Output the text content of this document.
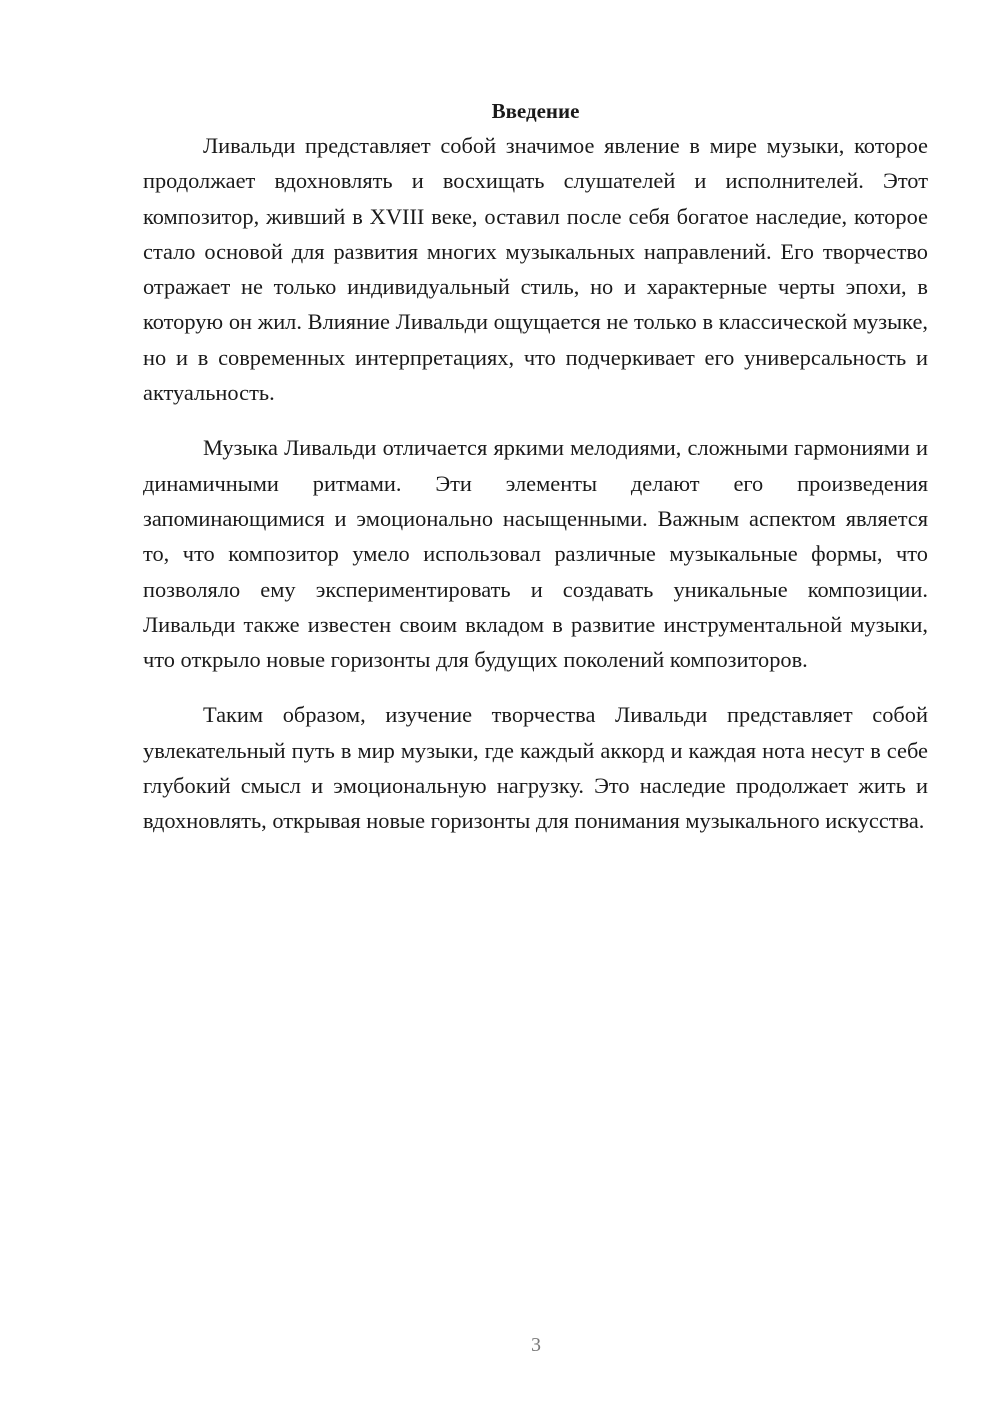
Введение

Ливальди представляет собой значимое явление в мире музыки, которое продолжает вдохновлять и восхищать слушателей и исполнителей. Этот композитор, живший в XVIII веке, оставил после себя богатое наследие, которое стало основой для развития многих музыкальных направлений. Его творчество отражает не только индивидуальный стиль, но и характерные черты эпохи, в которую он жил. Влияние Ливальди ощущается не только в классической музыке, но и в современных интерпретациях, что подчеркивает его универсальность и актуальность.

Музыка Ливальди отличается яркими мелодиями, сложными гармониями и динамичными ритмами. Эти элементы делают его произведения запоминающимися и эмоционально насыщенными. Важным аспектом является то, что композитор умело использовал различные музыкальные формы, что позволяло ему экспериментировать и создавать уникальные композиции. Ливальди также известен своим вкладом в развитие инструментальной музыки, что открыло новые горизонты для будущих поколений композиторов.

Таким образом, изучение творчества Ливальди представляет собой увлекательный путь в мир музыки, где каждый аккорд и каждая нота несут в себе глубокий смысл и эмоциональную нагрузку. Это наследие продолжает жить и вдохновлять, открывая новые горизонты для понимания музыкального искусства.

3
